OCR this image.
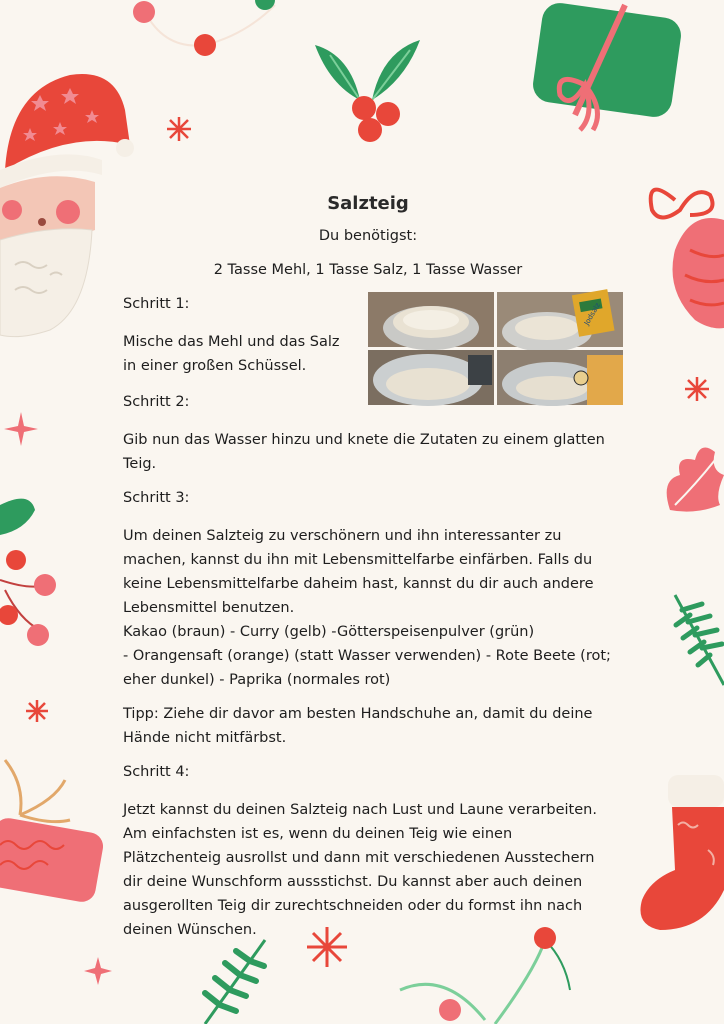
Salzteig

Du benötigst:

2 Tasse Mehl, 1 Tasse Salz, 1 Tasse Wasser

Schritt 1:

Mische das Mehl und das Salz
in einer großen Schüssel.
Jodsalz

Schritt 2:

Gib nun das Wasser hinzu und knete die Zutaten zu einem glatten Teig.

Schritt 3:

Um deinen Salzteig zu verschönern und ihn interessanter zu machen, kannst du ihn mit Lebensmittelfarbe einfärben. Falls du keine Lebensmittelfarbe daheim hast, kannst du dir auch andere Lebensmittel benutzen.
Kakao (braun) - Curry (gelb) -Götterspeisenpulver (grün)
- Orangensaft (orange) (statt Wasser verwenden) - Rote Beete (rot; eher dunkel) - Paprika (normales rot)

Tipp: Ziehe dir davor am besten Handschuhe an, damit du deine Hände nicht mitfärbst.

Schritt 4:

Jetzt kannst du deinen Salzteig nach Lust und Laune verarbeiten. Am einfachsten ist es, wenn du deinen Teig wie einen Plätzchenteig ausrollst und dann mit verschiedenen Ausstechern dir deine Wunschform aussstichst. Du kannst aber auch deinen ausgerollten Teig dir zurechtschneiden oder du formst ihn nach deinen Wünschen.
